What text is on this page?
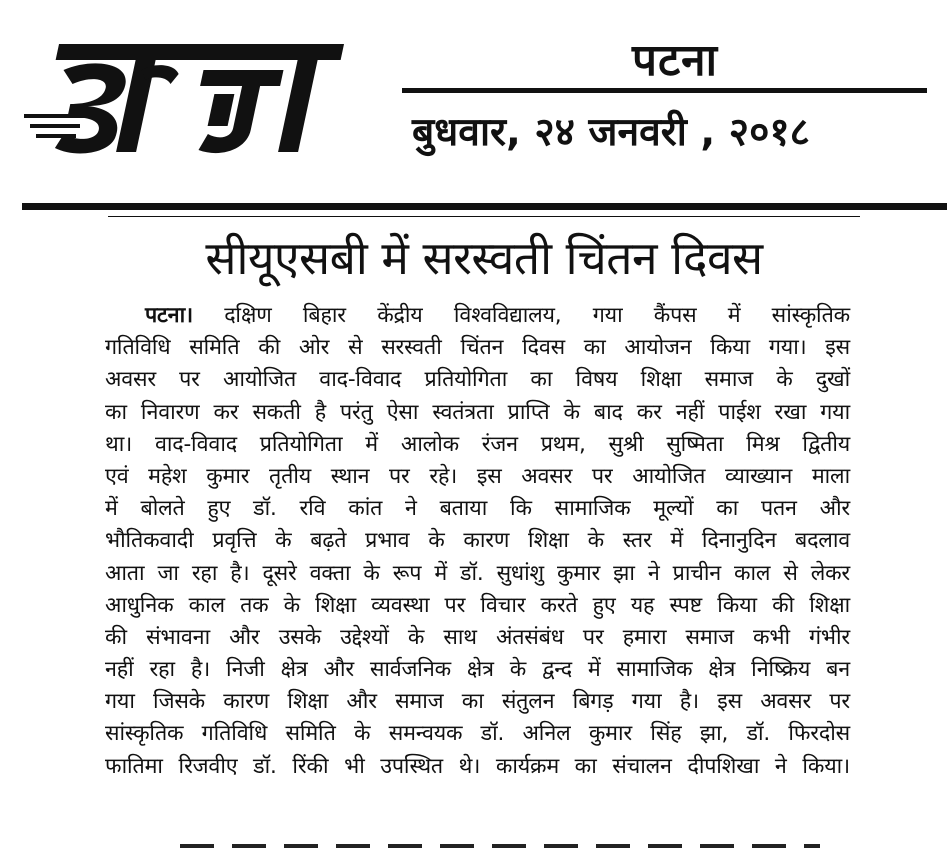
पटना
बुधवार, २४ जनवरी , २०१८
सीयूएसबी में सरस्वती चिंतन दिवस
पटना। दक्षिण बिहार केंद्रीय विश्वविद्यालय, गया कैंपस में सांस्कृतिक
गतिविधि समिति की ओर से सरस्वती चिंतन दिवस का आयोजन किया गया। इस
अवसर पर आयोजित वाद-विवाद प्रतियोगिता का विषय शिक्षा समाज के दुखों
का निवारण कर सकती है परंतु ऐसा स्वतंत्रता प्राप्ति के बाद कर नहीं पाई‍श रखा गया
था। वाद-विवाद प्रतियोगिता में आलोक रंजन प्रथम, सुश्री सुष्मिता मिश्र द्वितीय
एवं महेश कुमार तृतीय स्थान पर रहे। इस अवसर पर आयोजित व्याख्यान माला
में बोलते हुए डॉ. रवि कांत ने बताया कि सामाजिक मूल्यों का पतन और
भौतिकवादी प्रवृत्ति के बढ़ते प्रभाव के कारण शिक्षा के स्तर में दिनानुदिन बदलाव
आता जा रहा है। दूसरे वक्ता के रूप में डॉ. सुधांशु कुमार झा ने प्राचीन काल से लेकर
आधुनिक काल तक के शिक्षा व्यवस्था पर विचार करते हुए यह स्पष्ट किया की शिक्षा
की संभावना और उसके उद्देश्यों के साथ अंतसंबंध पर हमारा समाज कभी गंभीर
नहीं रहा है। निजी क्षेत्र और सार्वजनिक क्षेत्र के द्वन्द में सामाजिक क्षेत्र निष्क्रिय बन
गया जिसके कारण शिक्षा और समाज का संतुलन बिगड़ गया है। इस अवसर पर
सांस्कृतिक गतिविधि समिति के समन्वयक डॉ. अनिल कुमार सिंह झा, डॉ. फिरदोस
फातिमा रिजवीए डॉ. रिंकी भी उपस्थित थे। कार्यक्रम का संचालन दीपशिखा ने किया।
